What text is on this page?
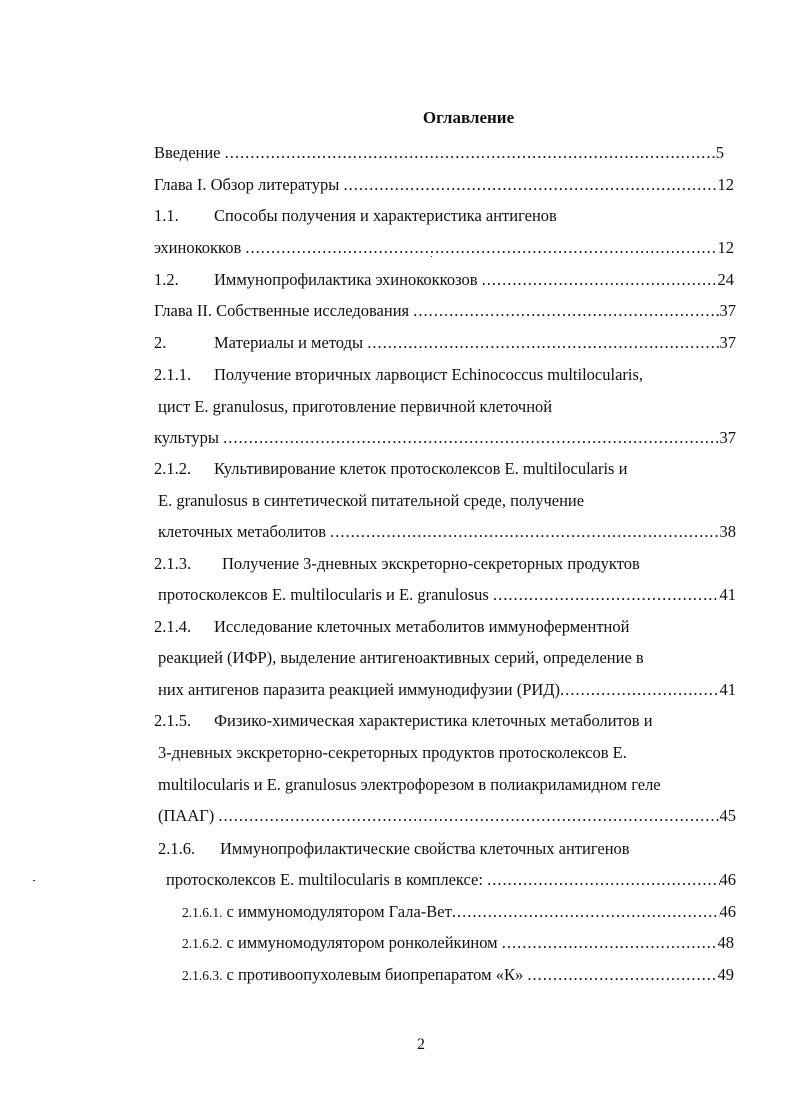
Оглавление
Введение .....	5
Глава I. Обзор литературы .....	12
1.1.	Способы получения и характеристика антигенов
эхинококков .....	12
1.2.	Иммунопрофилактика эхинококкозов .....	24
Глава II. Собственные исследования .....	37
2.	Материалы и методы .....	37
2.1.1.	Получение вторичных ларвоцист Echinococcus multilocularis,
цист E. granulosus, приготовление первичной клеточной
культуры .....	37
2.1.2.	Культивирование клеток протосколексов E. multilocularis и
E. granulosus в синтетической питательной среде, получение
клеточных метаболитов .....	38
2.1.3.	Получение 3-дневных экскреторно-секреторных продуктов
протосколексов E. multilocularis и E. granulosus .....	41
2.1.4.	Исследование клеточных метаболитов иммуноферментной
реакцией (ИФР), выделение антигеноактивных серий, определение в
них антигенов паразита реакцией иммунодифузии (РИД) .....	41
2.1.5.	Физико-химическая характеристика клеточных метаболитов и
3-дневных экскреторно-секреторных продуктов протосколексов E.
multilocularis и E. granulosus электрофорезом в полиакриламидном геле
(ПААГ) .....	45
2.1.6.	Иммунопрофилактические свойства клеточных антигенов
протосколексов E. multilocularis в комплексе: .....	46
2.1.6.1. с иммуномодулятором Гала-Вет .....	46
2.1.6.2. с иммуномодулятором ронколейкином .....	48
2.1.6.3. с противоопухолевым биопрепаратом «К» .....	49
2
